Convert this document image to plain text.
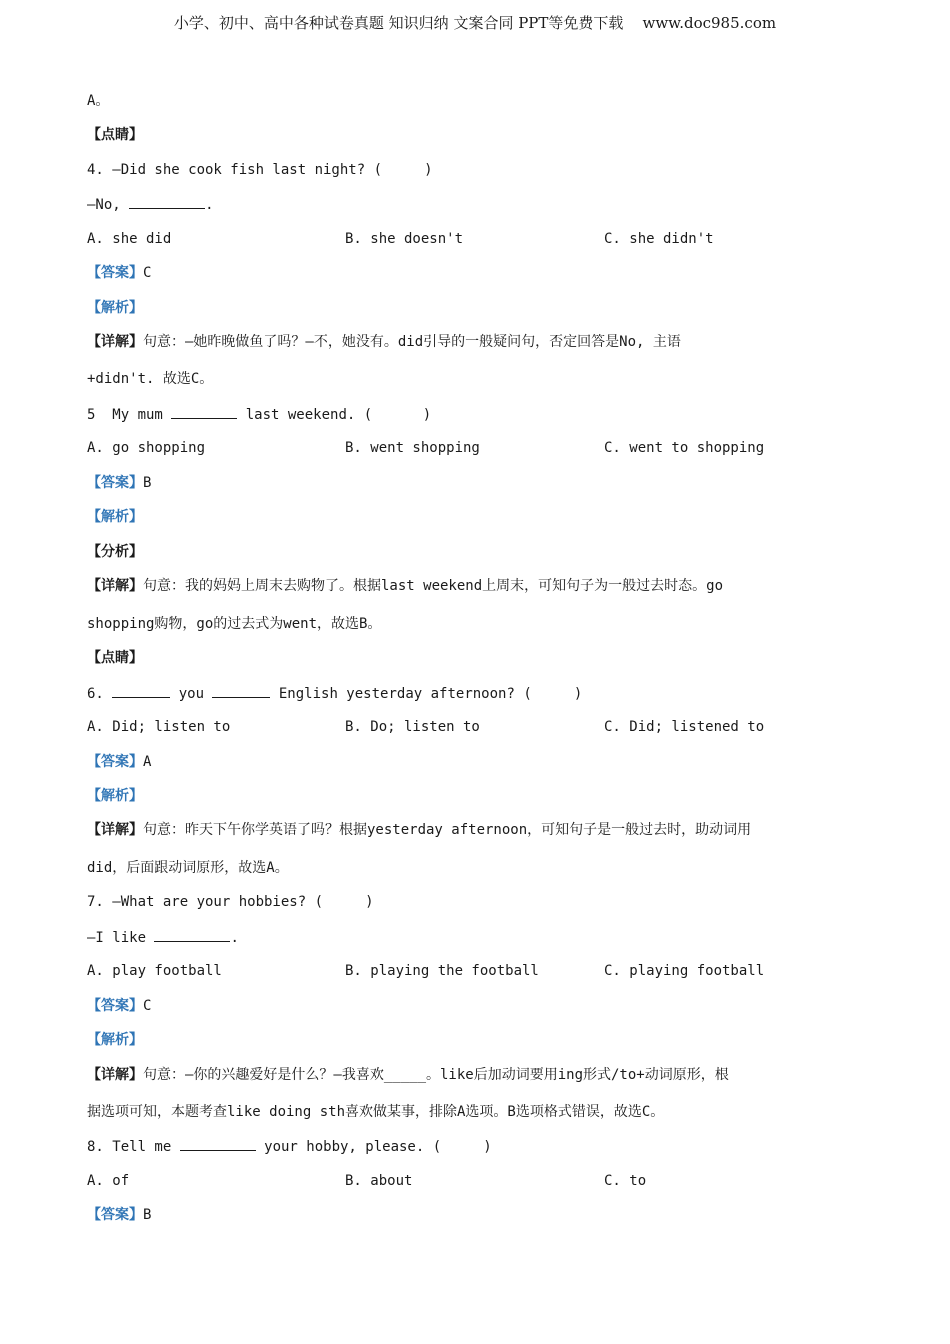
小学、初中、高中各种试卷真题 知识归纳 文案合同 PPT等免费下载    www.doc985.com
A。
【点睛】
4. —Did she cook fish last night? (     )
—No,	.
A. she did	B. she doesn't	C. she didn't
【答案】C
【解析】
【详解】句意：—她昨晚做鱼了吗？—不，她没有。did引导的一般疑问句，否定回答是No, 主语
+didn't. 故选C。
5  My mum	last weekend. (      )
A. go shopping	B. went shopping	C. went to shopping
【答案】B
【解析】
【分析】
【详解】句意：我的妈妈上周末去购物了。根据last weekend上周末，可知句子为一般过去时态。go
shopping购物，go的过去式为went，故选B。
【点睛】
6.	you	English yesterday afternoon? (     )
A. Did; listen to	B. Do; listen to	C. Did; listened to
【答案】A
【解析】
【详解】句意：昨天下午你学英语了吗？根据yesterday afternoon，可知句子是一般过去时，助动词用
did，后面跟动词原形，故选A。
7. —What are your hobbies? (     )
—I like	.
A. play football	B. playing the football	C. playing football
【答案】C
【解析】
【详解】句意：—你的兴趣爱好是什么？—我喜欢_____。like后加动词要用ing形式/to+动词原形，根
据选项可知，本题考查like doing sth喜欢做某事，排除A选项。B选项格式错误，故选C。
8. Tell me	your hobby, please. (     )
A. of	B. about	C. to
【答案】B
